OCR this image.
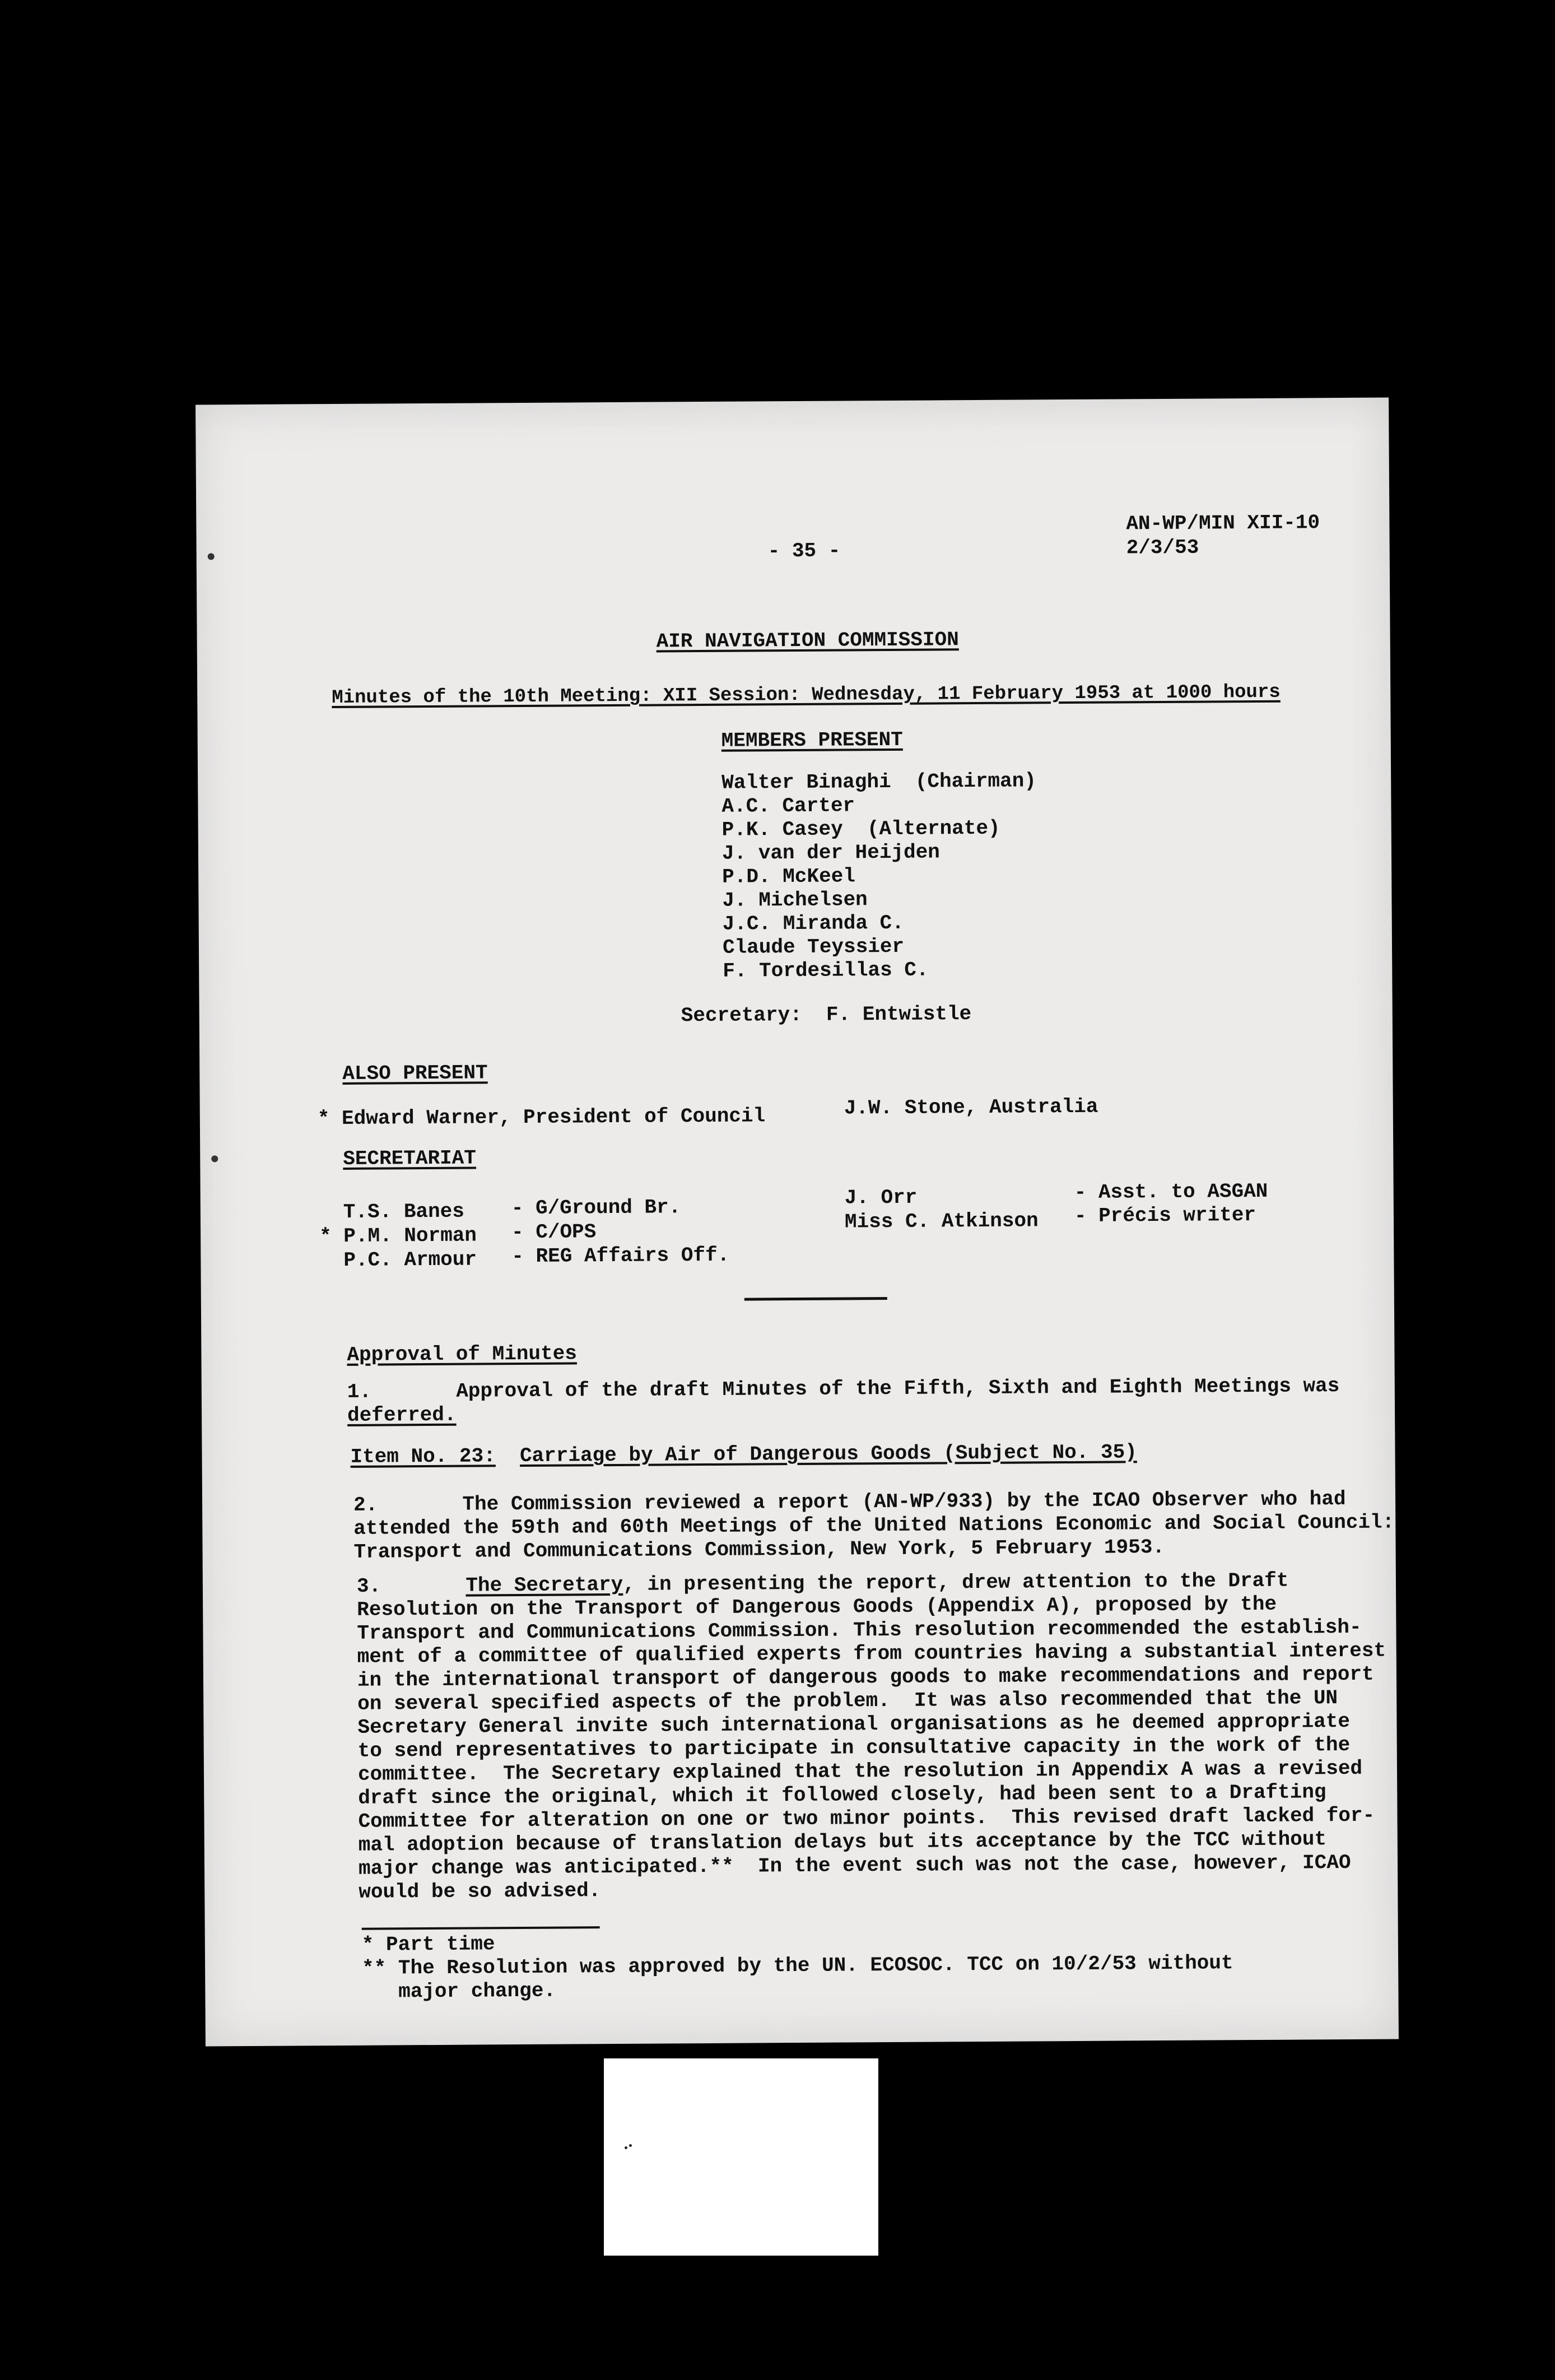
- 35 -
AN-WP/MIN XII-10
2/3/53
AIR NAVIGATION COMMISSION
Minutes of the 10th Meeting: XII Session: Wednesday, 11 February 1953 at 1000 hours
MEMBERS PRESENT
Walter Binaghi  (Chairman)
A.C. Carter
P.K. Casey  (Alternate)
J. van der Heijden
P.D. McKeel
J. Michelsen
J.C. Miranda C.
Claude Teyssier
F. Tordesillas C.
Secretary:  F. Entwistle
ALSO PRESENT
* Edward Warner, President of Council	J.W. Stone, Australia
SECRETARIAT
T.S. Banes - G/Ground Br.
* P.M. Norman - C/OPS
P.C. Armour - REG Affairs Off.
J. Orr	- Asst. to ASGAN
Miss C. Atkinson - Précis writer
Approval of Minutes
1.       Approval of the draft Minutes of the Fifth, Sixth and Eighth Meetings was
deferred.
Item No. 23: Carriage by Air of Dangerous Goods (Subject No. 35)
2.       The Commission reviewed a report (AN-WP/933) by the ICAO Observer who had
attended the 59th and 60th Meetings of the United Nations Economic and Social Council:
Transport and Communications Commission, New York, 5 February 1953.
3.       The Secretary, in presenting the report, drew attention to the Draft
Resolution on the Transport of Dangerous Goods (Appendix A), proposed by the
Transport and Communications Commission. This resolution recommended the establish-
ment of a committee of qualified experts from countries having a substantial interest
in the international transport of dangerous goods to make recommendations and report
on several specified aspects of the problem.  It was also recommended that the UN
Secretary General invite such international organisations as he deemed appropriate
to send representatives to participate in consultative capacity in the work of the
committee.  The Secretary explained that the resolution in Appendix A was a revised
draft since the original, which it followed closely, had been sent to a Drafting
Committee for alteration on one or two minor points.  This revised draft lacked for-
mal adoption because of translation delays but its acceptance by the TCC without
major change was anticipated.**  In the event such was not the case, however, ICAO
would be so advised.
* Part time
** The Resolution was approved by the UN. ECOSOC. TCC on 10/2/53 without
major change.
